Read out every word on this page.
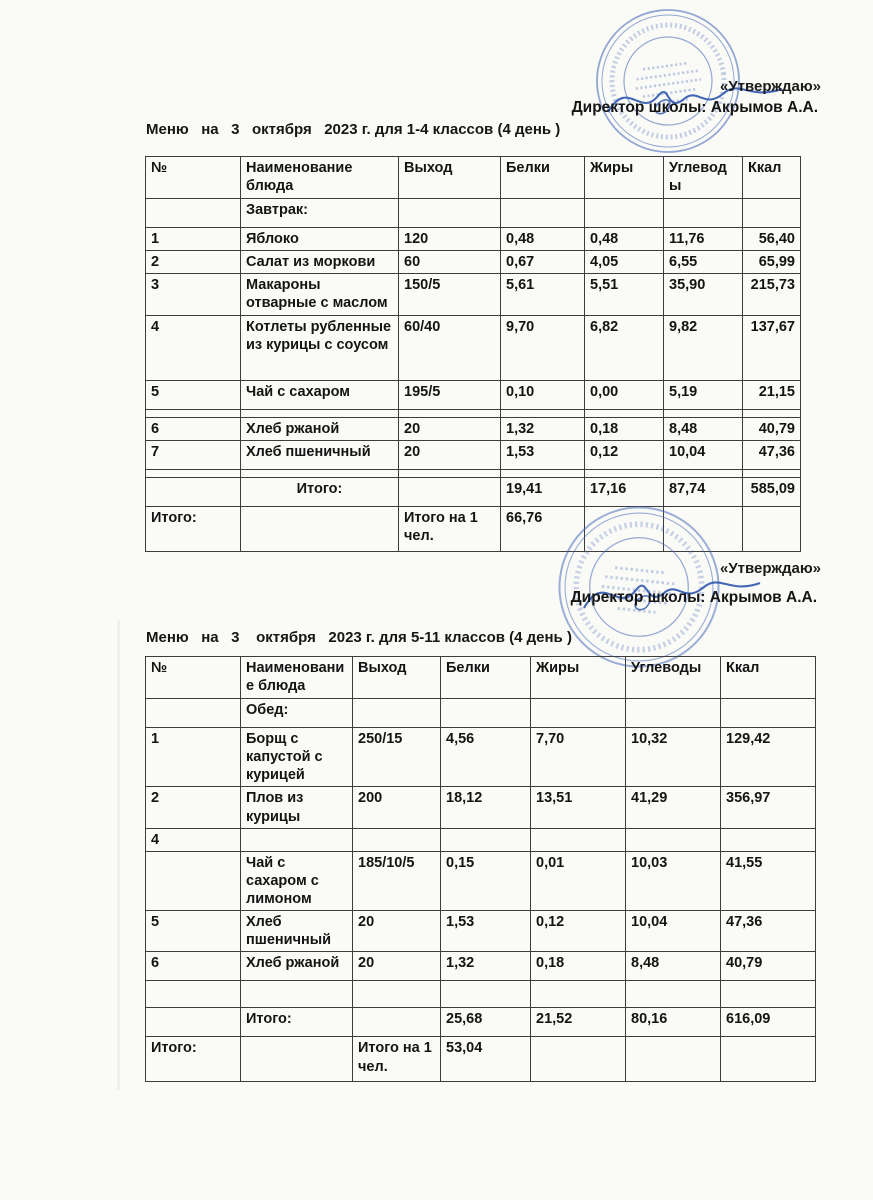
«Утверждаю»
Директор школы: Акрымов А.А.
Меню   на   3   октября   2023 г. для 1-4 классов (4 день )
№	Наименование блюда	Выход	Белки	Жиры	Углеводы	Ккал
	Завтрак:					
1	Яблоко	120	0,48	0,48	11,76	56,40
2	Салат из моркови	60	0,67	4,05	6,55	65,99
3	Макароны отварные с маслом	150/5	5,61	5,51	35,90	215,73
4	Котлеты рубленные из курицы с соусом	60/40	9,70	6,82	9,82	137,67
5	Чай с сахаром	195/5	0,10	0,00	5,19	21,15

6	Хлеб ржаной	20	1,32	0,18	8,48	40,79
7	Хлеб пшеничный	20	1,53	0,12	10,04	47,36

	Итого:		19,41	17,16	87,74	585,09
Итого:		Итого на 1 чел.	66,76			
«Утверждаю»
Директор школы: Акрымов А.А.
Меню   на   3    октября   2023 г. для 5-11 классов (4 день )
№	Наименование блюда	Выход	Белки	Жиры	Углеводы	Ккал
	Обед:					
1	Борщ с капустой с курицей	250/15	4,56	7,70	10,32	129,42
2	Плов из курицы	200	18,12	13,51	41,29	356,97
4						
	Чай с сахаром с лимоном	185/10/5	0,15	0,01	10,03	41,55
5	Хлеб пшеничный	20	1,53	0,12	10,04	47,36
6	Хлеб ржаной	20	1,32	0,18	8,48	40,79

	Итого:		25,68	21,52	80,16	616,09
Итого:		Итого на 1 чел.	53,04			
